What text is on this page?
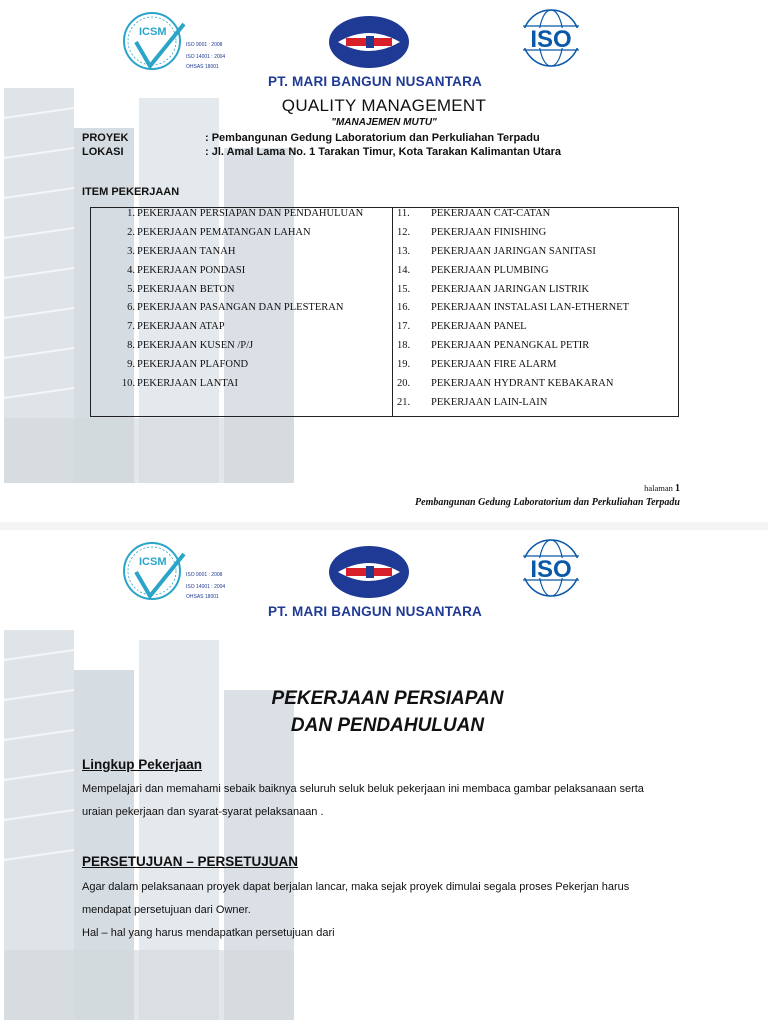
ICSM
ISO 9001 : 2008
ISO 14001 : 2004
OHSAS 18001
ISO
PT. MARI BANGUN NUSANTARA
QUALITY MANAGEMENT
"MANAJEMEN MUTU"
PROYEK	: Pembangunan Gedung Laboratorium dan Perkuliahan Terpadu
LOKASI	: Jl. Amal Lama No. 1 Tarakan Timur, Kota Tarakan Kalimantan Utara
ITEM PEKERJAAN
1. PEKERJAAN PERSIAPAN DAN PENDAHULUAN
2. PEKERJAAN PEMATANGAN LAHAN
3. PEKERJAAN TANAH
4. PEKERJAAN PONDASI
5. PEKERJAAN BETON
6. PEKERJAAN PASANGAN DAN PLESTERAN
7. PEKERJAAN ATAP
8. PEKERJAAN KUSEN /P/J
9. PEKERJAAN PLAFOND
10. PEKERJAAN LANTAI
11.	PEKERJAAN CAT-CATAN
12.	PEKERJAAN FINISHING
13.	PEKERJAAN JARINGAN SANITASI
14.	PEKERJAAN PLUMBING
15.	PEKERJAAN JARINGAN LISTRIK
16.	PEKERJAAN INSTALASI LAN-ETHERNET
17.	PEKERJAAN PANEL
18.	PEKERJAAN PENANGKAL PETIR
19.	PEKERJAAN FIRE ALARM
20.	PEKERJAAN HYDRANT KEBAKARAN
21.	PEKERJAAN LAIN-LAIN
halaman 1
Pembangunan Gedung Laboratorium dan Perkuliahan Terpadu
ICSM
ISO 9001 : 2008
ISO 14001 : 2004
OHSAS 18001
ISO
PT. MARI BANGUN NUSANTARA
PEKERJAAN PERSIAPAN
DAN PENDAHULUAN
Lingkup Pekerjaan
Mempelajari dan memahami sebaik baiknya seluruh seluk beluk pekerjaan ini membaca gambar pelaksanaan serta
uraian pekerjaan dan syarat-syarat pelaksanaan .
PERSETUJUAN – PERSETUJUAN
Agar dalam pelaksanaan proyek dapat berjalan lancar, maka sejak proyek dimulai segala proses Pekerjan harus
mendapat persetujuan dari Owner.
Hal – hal yang harus mendapatkan persetujuan dari
